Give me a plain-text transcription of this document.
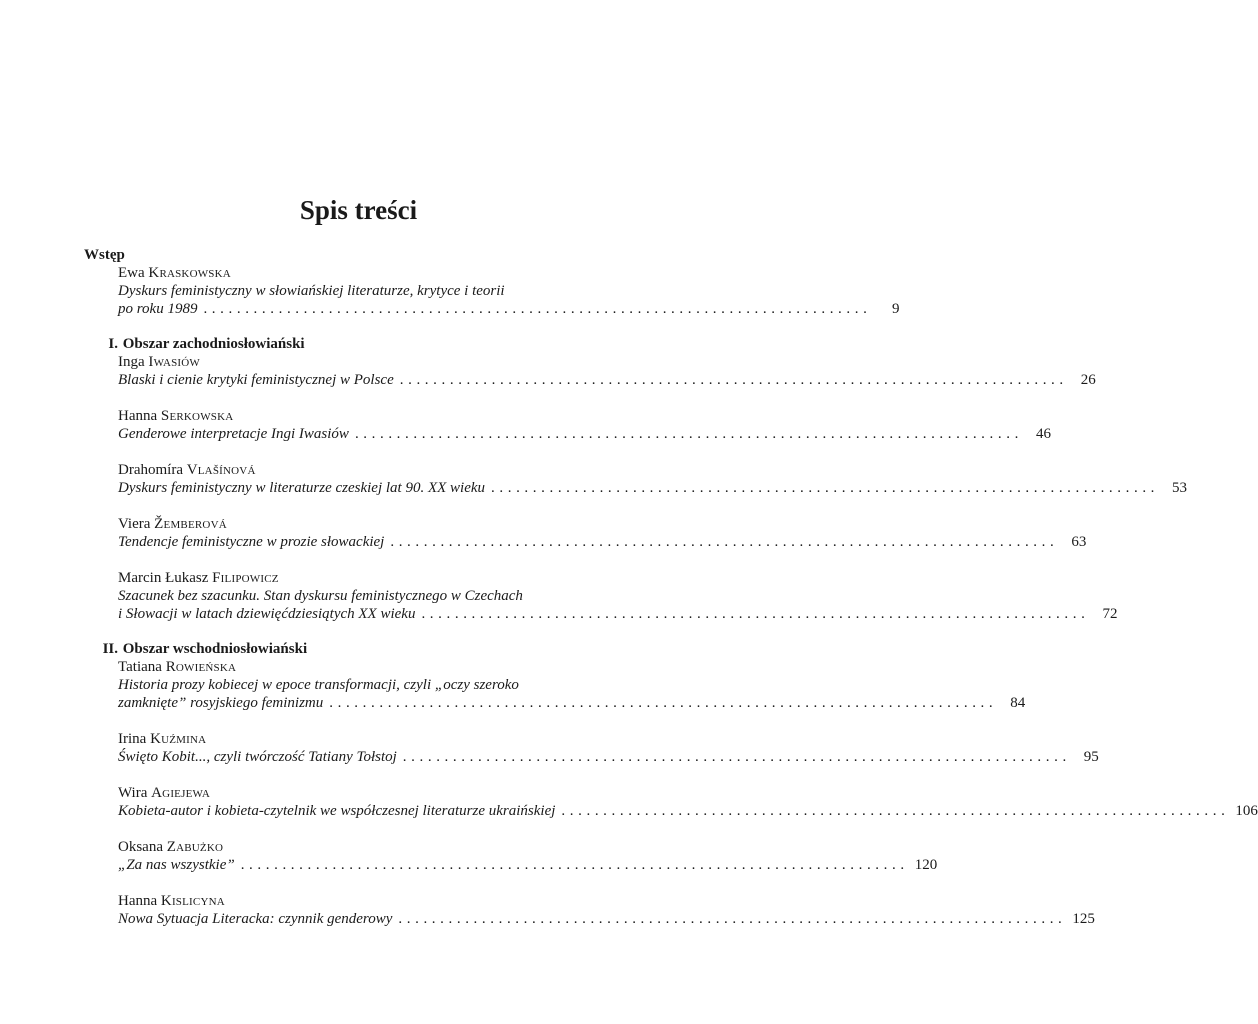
Spis treści
Wstęp
Ewa Kraskowska
Dyskurs feministyczny w słowiańskiej literaturze, krytyce i teorii
po roku 1989 ................................................................................	9
I. Obszar zachodniosłowiański
Inga Iwasiów
Blaski i cienie krytyki feministycznej w Polsce ................................................................................ 26
Hanna Serkowska
Genderowe interpretacje Ingi Iwasiów ................................................................................ 46
Drahomíra Vlašínová
Dyskurs feministyczny w literaturze czeskiej lat 90. XX wieku ................................................................................ 53
Viera Žemberová
Tendencje feministyczne w prozie słowackiej ................................................................................ 63
Marcin Łukasz Filipowicz
Szacunek bez szacunku. Stan dyskursu feministycznego w Czechach
i Słowacji w latach dziewięćdziesiątych XX wieku ................................................................................ 72
II. Obszar wschodniosłowiański
Tatiana Rowieńska
Historia prozy kobiecej w epoce transformacji, czyli „oczy szeroko
zamknięte” rosyjskiego feminizmu ................................................................................ 84
Irina Kuźmina
Święto Kobit..., czyli twórczość Tatiany Tołstoj ................................................................................ 95
Wira Agiejewa
Kobieta-autor i kobieta-czytelnik we współczesnej literaturze ukraińskiej ................................................................................ 106
Oksana Zabużko
„Za nas wszystkie” ................................................................................ 120
Hanna Kislicyna
Nowa Sytuacja Literacka: czynnik genderowy ................................................................................ 125
